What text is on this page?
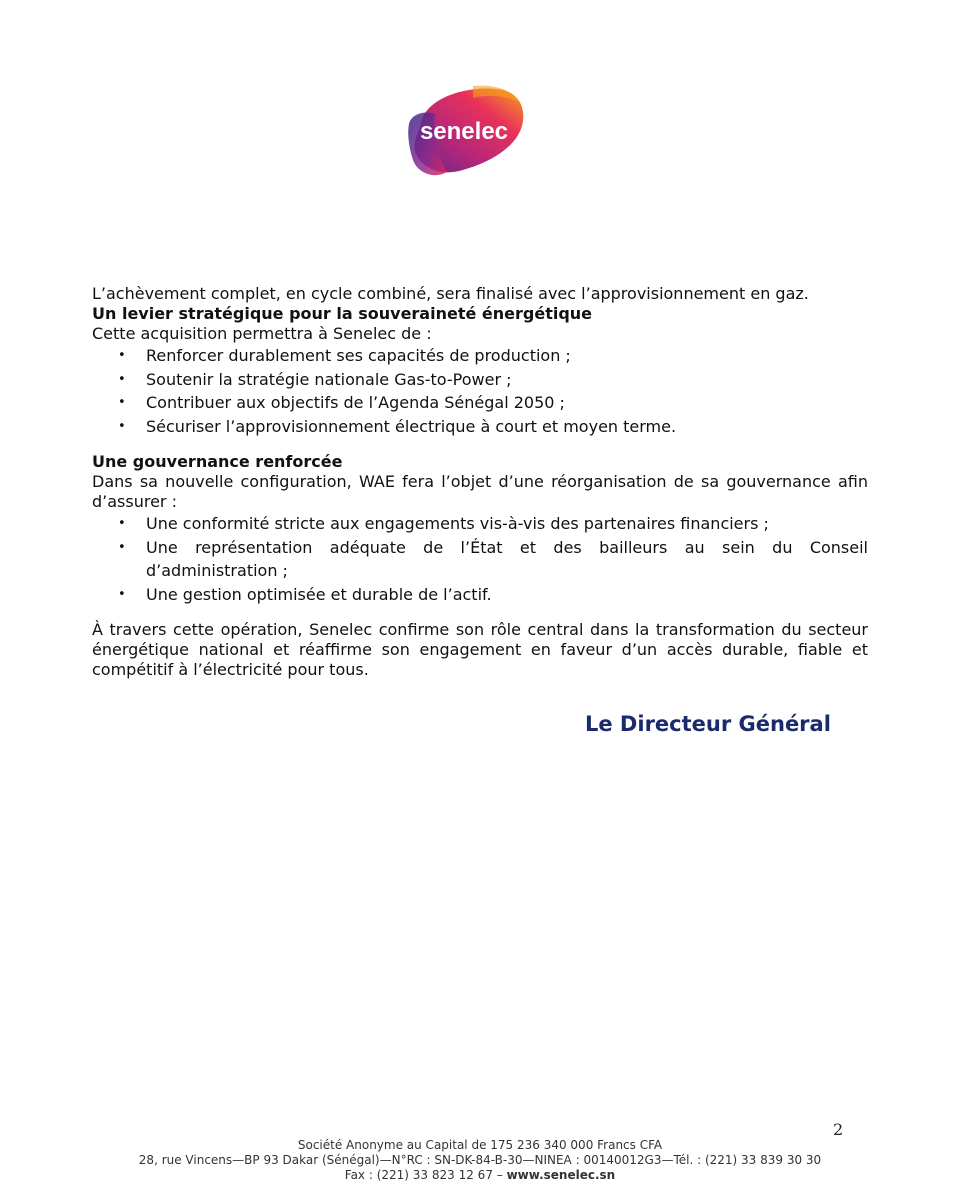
senelec

L’achèvement complet, en cycle combiné, sera finalisé avec l’approvisionnement en gaz.

Un levier stratégique pour la souveraineté énergétique

Cette acquisition permettra à Senelec de :

• Renforcer durablement ses capacités de production ;
• Soutenir la stratégie nationale Gas-to-Power ;
• Contribuer aux objectifs de l’Agenda Sénégal 2050 ;
• Sécuriser l’approvisionnement électrique à court et moyen terme.

Une gouvernance renforcée

Dans sa nouvelle configuration, WAE fera l’objet d’une réorganisation de sa gouvernance afin d’assurer :

• Une conformité stricte aux engagements vis-à-vis des partenaires financiers ;
• Une représentation adéquate de l’État et des bailleurs au sein du Conseil d’administration ;
• Une gestion optimisée et durable de l’actif.

À travers cette opération, Senelec confirme son rôle central dans la transformation du secteur énergétique national et réaffirme son engagement en faveur d’un accès durable, fiable et compétitif à l’électricité pour tous.

Le Directeur Général
2
Société Anonyme au Capital de 175 236 340 000 Francs CFA
28, rue Vincens—BP 93 Dakar (Sénégal)—N°RC : SN-DK-84-B-30—NINEA : 00140012G3—Tél. : (221) 33 839 30 30
Fax : (221) 33 823 12 67 – www.senelec.sn
